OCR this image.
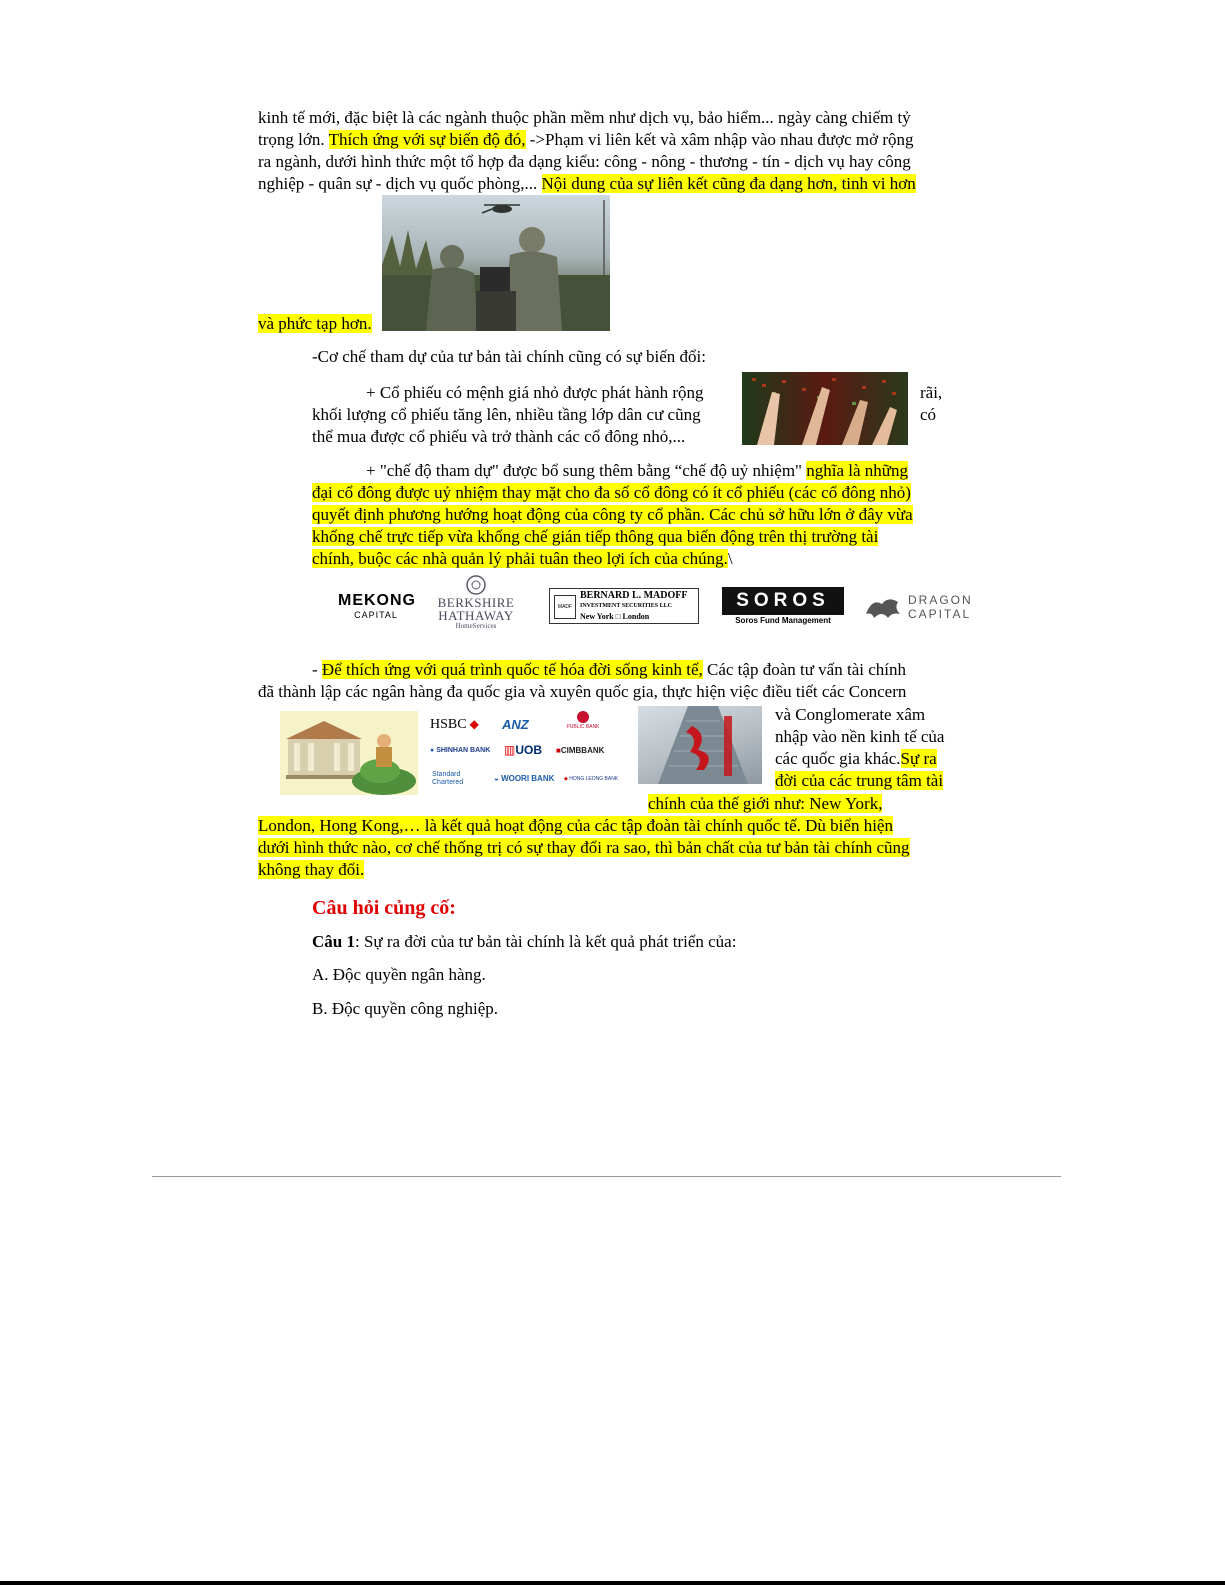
kinh tế mới, đặc biệt là các ngành thuộc phần mềm như dịch vụ, bảo hiểm... ngày càng chiếm tỷ
trọng lớn. Thích ứng với sự biến độ đó, ->Phạm vi liên kết và xâm nhập vào nhau được mở rộng
ra ngành, dưới hình thức một tổ hợp đa dạng kiểu: công - nông - thương - tín - dịch vụ hay công
nghiệp - quân sự - dịch vụ quốc phòng,... Nội dung của sự liên kết cũng đa dạng hơn, tinh vi hơn
và phức tạp hơn.
-Cơ chế tham dự của tư bản tài chính cũng có sự biến đổi:
+ Cổ phiếu có mệnh giá nhỏ được phát hành rộng	rãi,
khối lượng cổ phiếu tăng lên, nhiều tầng lớp dân cư cũng	có
thể mua được cổ phiếu và trở thành các cổ đông nhỏ,...
+ "chế độ tham dự" được bổ sung thêm bằng “chế độ uỷ nhiệm" nghĩa là những
đại cổ đông được uỷ nhiệm thay mặt cho đa số cổ đông có ít cổ phiếu (các cổ đông nhỏ)
quyết định phương hướng hoạt động của công ty cổ phần. Các chủ sở hữu lớn ở đây vừa
khống chế trực tiếp vừa khống chế gián tiếp thông qua biến động trên thị trường tài
chính, buộc các nhà quản lý phải tuân theo lợi ích của chúng.\
MEKONG
CAPITAL
BERKSHIRE
HATHAWAY
HomeServices
MADF
BERNARD L. MADOFF
INVESTMENT SECURITIES LLC
New York □ London
SOROS
Soros Fund Management
DRAGON
CAPITAL
- Để thích ứng với quá trình quốc tế hóa đời sống kinh tế, Các tập đoàn tư vấn tài chính
đã thành lập các ngân hàng đa quốc gia và xuyên quốc gia, thực hiện việc điều tiết các Concern
HSBC ◆ ANZ	PUBLIC BANK
● SHINHAN BANK ▥UOB ■CIMBBANK
Standard Chartered	◒ WOORI BANK ◆ HONG LEONG BANK
và Conglomerate xâm
nhập vào nền kinh tế của
các quốc gia khác.Sự ra
đời của các trung tâm tài
chính của thế giới như: New York,
London, Hong Kong,… là kết quả hoạt động của các tập đoàn tài chính quốc tế. Dù biển hiện
dưới hình thức nào, cơ chế thống trị có sự thay đổi ra sao, thì bản chất của tư bản tài chính cũng
không thay đổi.
Câu hỏi củng cố:
Câu 1: Sự ra đời của tư bản tài chính là kết quả phát triển của:
A. Độc quyền ngân hàng.
B. Độc quyền công nghiệp.
